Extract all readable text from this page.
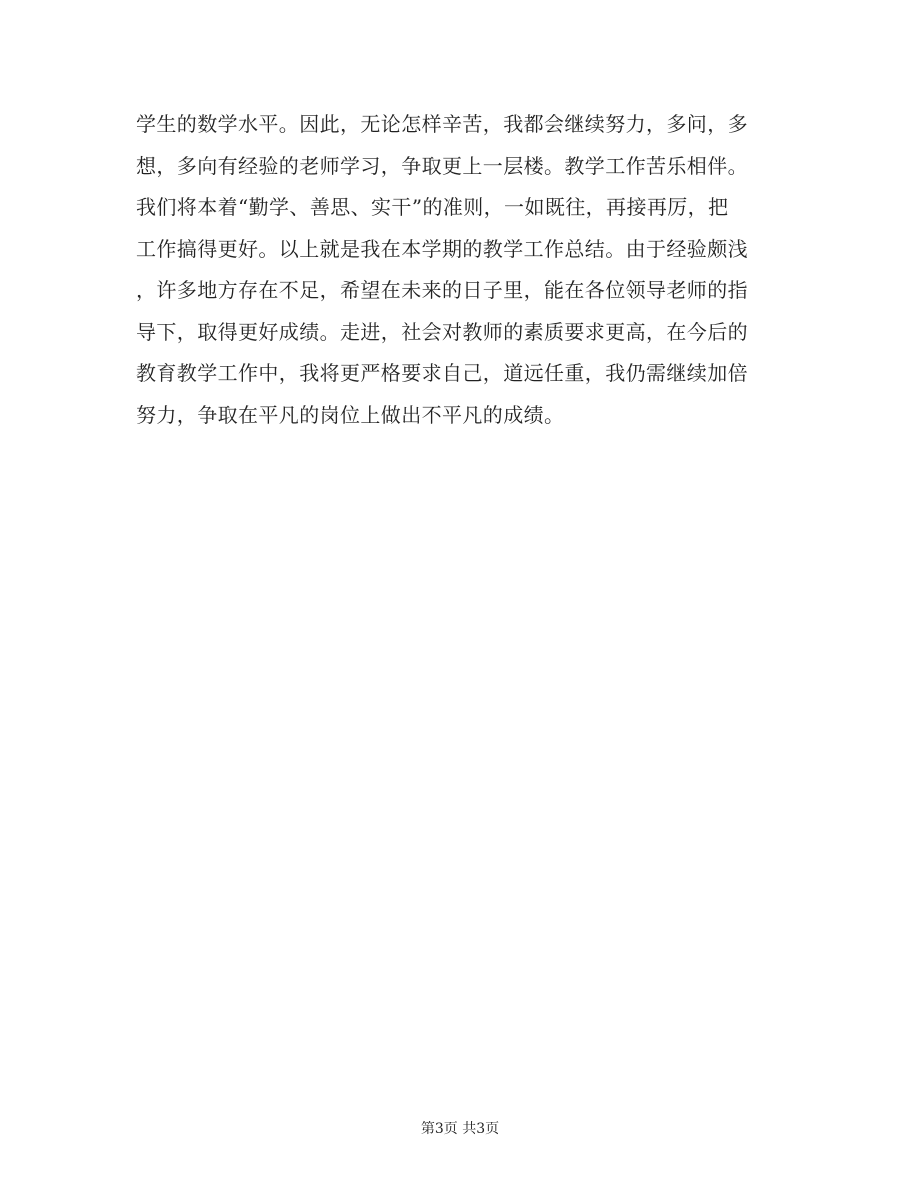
学生的数学水平。因此，无论怎样辛苦，我都会继续努力，多问，多
想，多向有经验的老师学习，争取更上一层楼。教学工作苦乐相伴。
我们将本着“勤学、善思、实干”的准则，一如既往，再接再厉，把
工作搞得更好。以上就是我在本学期的教学工作总结。由于经验颇浅
，许多地方存在不足，希望在未来的日子里，能在各位领导老师的指
导下，取得更好成绩。走进，社会对教师的素质要求更高，在今后的
教育教学工作中，我将更严格要求自己，道远任重，我仍需继续加倍
努力，争取在平凡的岗位上做出不平凡的成绩。
第3页 共3页
